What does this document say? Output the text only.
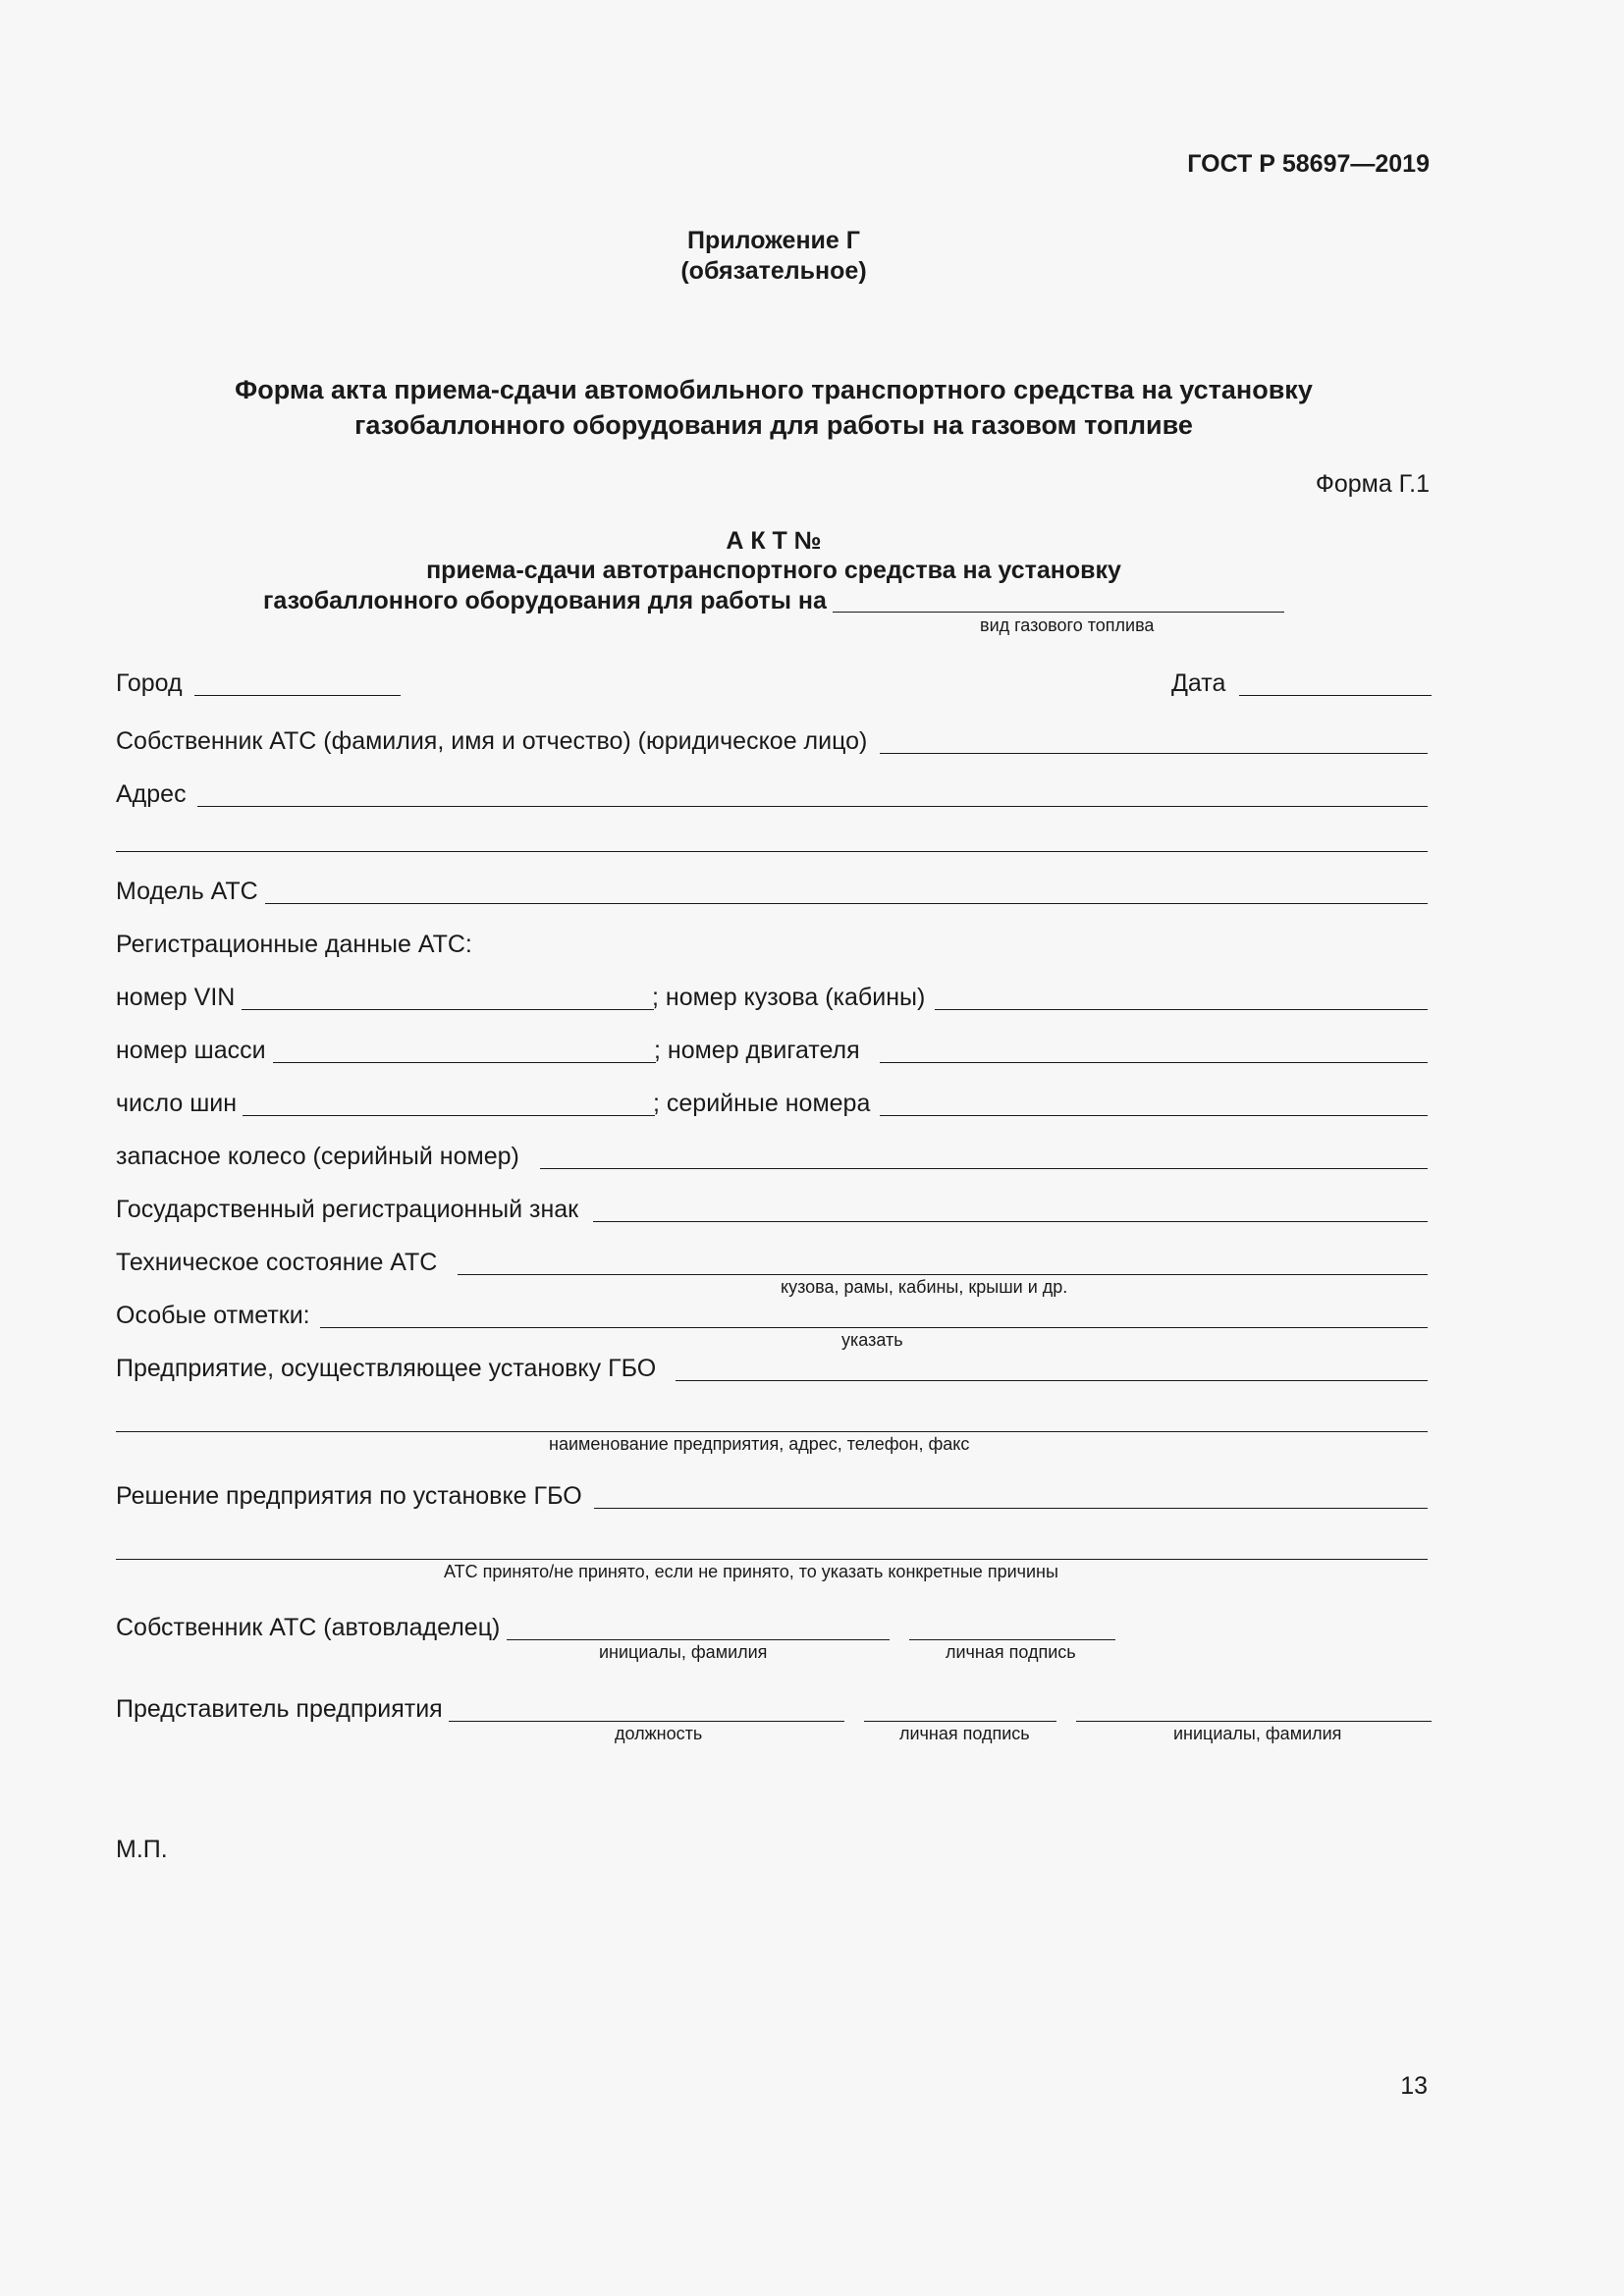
ГОСТ Р 58697—2019
Приложение Г
(обязательное)
Форма акта приема-сдачи автомобильного транспортного средства на установку
газобаллонного оборудования для работы на газовом топливе
Форма Г.1
А К Т №
приема-сдачи автотранспортного средства на установку
газобаллонного оборудования для работы на
вид газового топлива
Город	Дата
Собственник АТС (фамилия, имя и отчество) (юридическое лицо)
Адрес
Модель АТС
Регистрационные данные АТС:
номер VIN	; номер кузова (кабины)
номер шасси	; номер двигателя
число шин	; серийные номера
запасное колесо (серийный номер)
Государственный регистрационный знак
Техническое состояние АТС
кузова, рамы, кабины, крыши и др.
Особые отметки:
указать
Предприятие, осуществляющее установку ГБО
наименование предприятия, адрес, телефон, факс
Решение предприятия по установке ГБО
АТС принято/не принято, если не принято, то указать конкретные причины
Собственник АТС (автовладелец)
инициалы, фамилия	личная подпись
Представитель предприятия
должность	личная подпись	инициалы, фамилия
М.П.
13
